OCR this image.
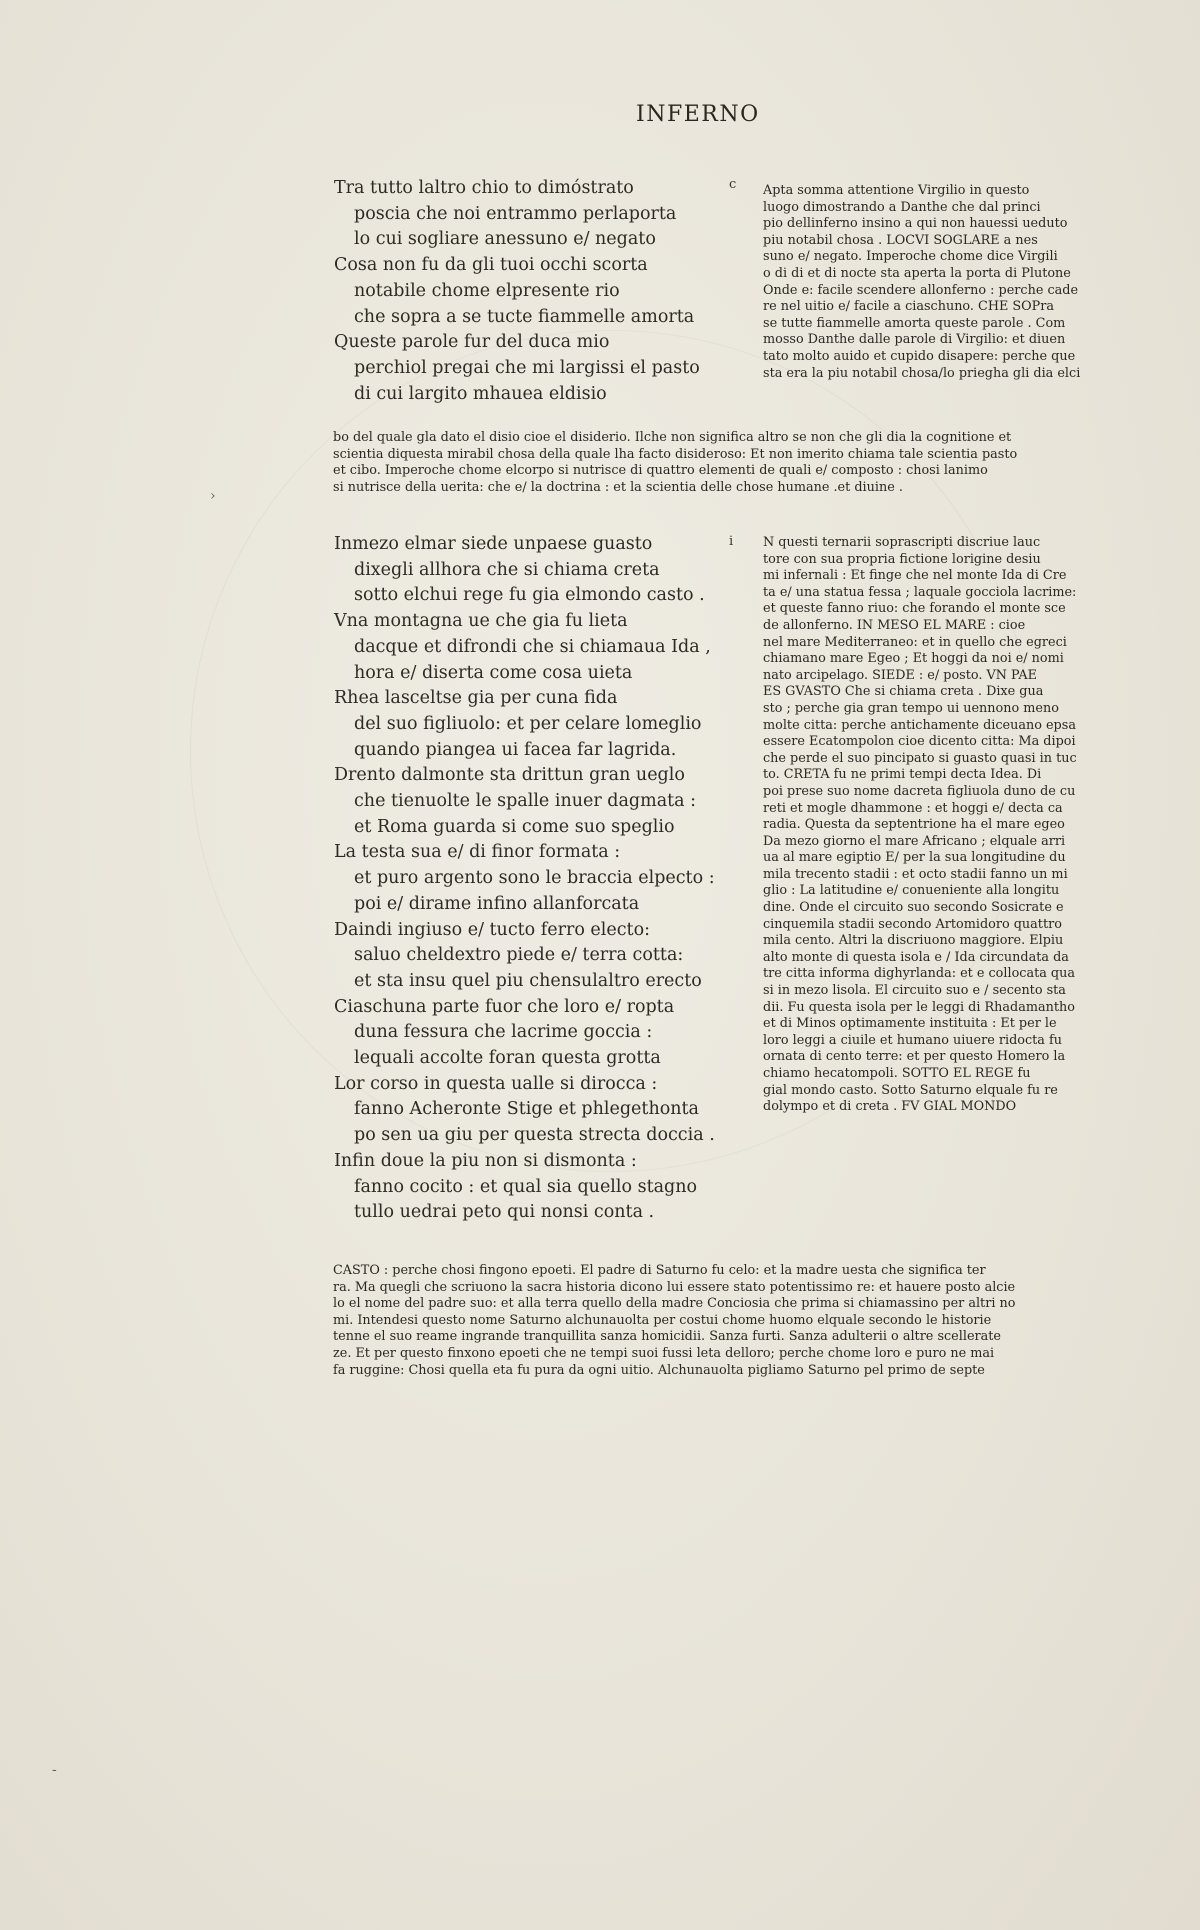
INFERNO
Tra tutto laltro chio to dimóstrato
poscia che noi entrammo perlaporta
lo cui sogliare anessuno e/ negato
Cosa non fu da gli tuoi occhi scorta
notabile chome elpresente rio
che sopra a se tucte fiammelle amorta
Queste parole fur del duca mio
perchiol pregai che mi largissi el pasto
di cui largito mhauea eldisio
c Apta somma attentione Virgilio in questo
luogo dimostrando a Danthe che dal princi
pio dellinferno insino a qui non hauessi ueduto
piu notabil chosa . LOCVI SOGLARE a nes
suno e/ negato. Imperoche chome dice Virgili
o di di et di nocte sta aperta la porta di Plutone
Onde e: facile scendere allonferno : perche cade
re nel uitio e/ facile a ciaschuno. CHE SOPra
se tutte fiammelle amorta queste parole . Com
mosso Danthe dalle parole di Virgilio: et diuen
tato molto auido et cupido disapere: perche que
sta era la piu notabil chosa/lo priegha gli dia elci
bo del quale gla dato el disio cioe el disiderio. Ilche non significa altro se non che gli dia la cognitione et
scientia diquesta mirabil chosa della quale lha facto disideroso: Et non imerito chiama tale scientia pasto
et cibo. Imperoche chome elcorpo si nutrisce di quattro elementi de quali e/ composto : chosi lanimo
si nutrisce della uerita: che e/ la doctrina : et la scientia delle chose humane .et diuine .
Inmezo elmar siede unpaese guasto
dixegli allhora che si chiama creta
sotto elchui rege fu gia elmondo casto .
Vna montagna ue che gia fu lieta
dacque et difrondi che si chiamaua Ida ,
hora e/ diserta come cosa uieta
Rhea lasceltse gia per cuna fida
del suo figliuolo: et per celare lomeglio
quando piangea ui facea far lagrida.
Drento dalmonte sta drittun gran ueglo
che tienuolte le spalle inuer dagmata :
et Roma guarda si come suo speglio
La testa sua e/ di finor formata :
et puro argento sono le braccia elpecto :
poi e/ dirame infino allanforcata
Daindi ingiuso e/ tucto ferro electo:
saluo cheldextro piede e/ terra cotta:
et sta insu quel piu chensulaltro erecto
Ciaschuna parte fuor che loro e/ ropta
duna fessura che lacrime goccia :
lequali accolte foran questa grotta
Lor corso in questa ualle si dirocca :
fanno Acheronte Stige et phlegethonta
po sen ua giu per questa strecta doccia .
Infin doue la piu non si dismonta :
fanno cocito : et qual sia quello stagno
tullo uedrai peto qui nonsi conta .
i N questi ternarii soprascripti discriue lauc
tore con sua propria fictione lorigine desiu
mi infernali : Et finge che nel monte Ida di Cre
ta e/ una statua fessa ; laquale gocciola lacrime:
et queste fanno riuo: che forando el monte sce
de allonferno. IN MESO EL MARE : cioe
nel mare Mediterraneo: et in quello che egreci
chiamano mare Egeo ; Et hoggi da noi e/ nomi
nato arcipelago. SIEDE : e/ posto. VN PAE
ES GVASTO Che si chiama creta . Dixe gua
sto ; perche gia gran tempo ui uennono meno
molte citta: perche antichamente diceuano epsa
essere Ecatompolon cioe dicento citta: Ma dipoi
che perde el suo pincipato si guasto quasi in tuc
to. CRETA fu ne primi tempi decta Idea. Di
poi prese suo nome dacreta figliuola duno de cu
reti et mogle dhammone : et hoggi e/ decta ca
radia. Questa da septentrione ha el mare egeo
Da mezo giorno el mare Africano ; elquale arri
ua al mare egiptio E/ per la sua longitudine du
mila trecento stadii : et octo stadii fanno un mi
glio : La latitudine e/ conueniente alla longitu
dine. Onde el circuito suo secondo Sosicrate e
cinquemila stadii secondo Artomidoro quattro
mila cento. Altri la discriuono maggiore. Elpiu
alto monte di questa isola e / Ida circundata da
tre citta informa dighyrlanda: et e collocata qua
si in mezo lisola. El circuito suo e / secento sta
dii. Fu questa isola per le leggi di Rhadamantho
et di Minos optimamente instituita : Et per le
loro leggi a ciuile et humano uiuere ridocta fu
ornata di cento terre: et per questo Homero la
chiamo hecatompoli. SOTTO EL REGE fu
gial mondo casto. Sotto Saturno elquale fu re
dolympo et di creta . FV GIAL MONDO
CASTO : perche chosi fingono epoeti. El padre di Saturno fu celo: et la madre uesta che significa ter
ra. Ma quegli che scriuono la sacra historia dicono lui essere stato potentissimo re: et hauere posto alcie
lo el nome del padre suo: et alla terra quello della madre Conciosia che prima si chiamassino per altri no
mi. Intendesi questo nome Saturno alchunauolta per costui chome huomo elquale secondo le historie
tenne el suo reame ingrande tranquillita sanza homicidii. Sanza furti. Sanza adulterii o altre scellerate
ze. Et per questo finxono epoeti che ne tempi suoi fussi leta delloro; perche chome loro e puro ne mai
fa ruggine: Chosi quella eta fu pura da ogni uitio. Alchunauolta pigliamo Saturno pel primo de septe
›
-
